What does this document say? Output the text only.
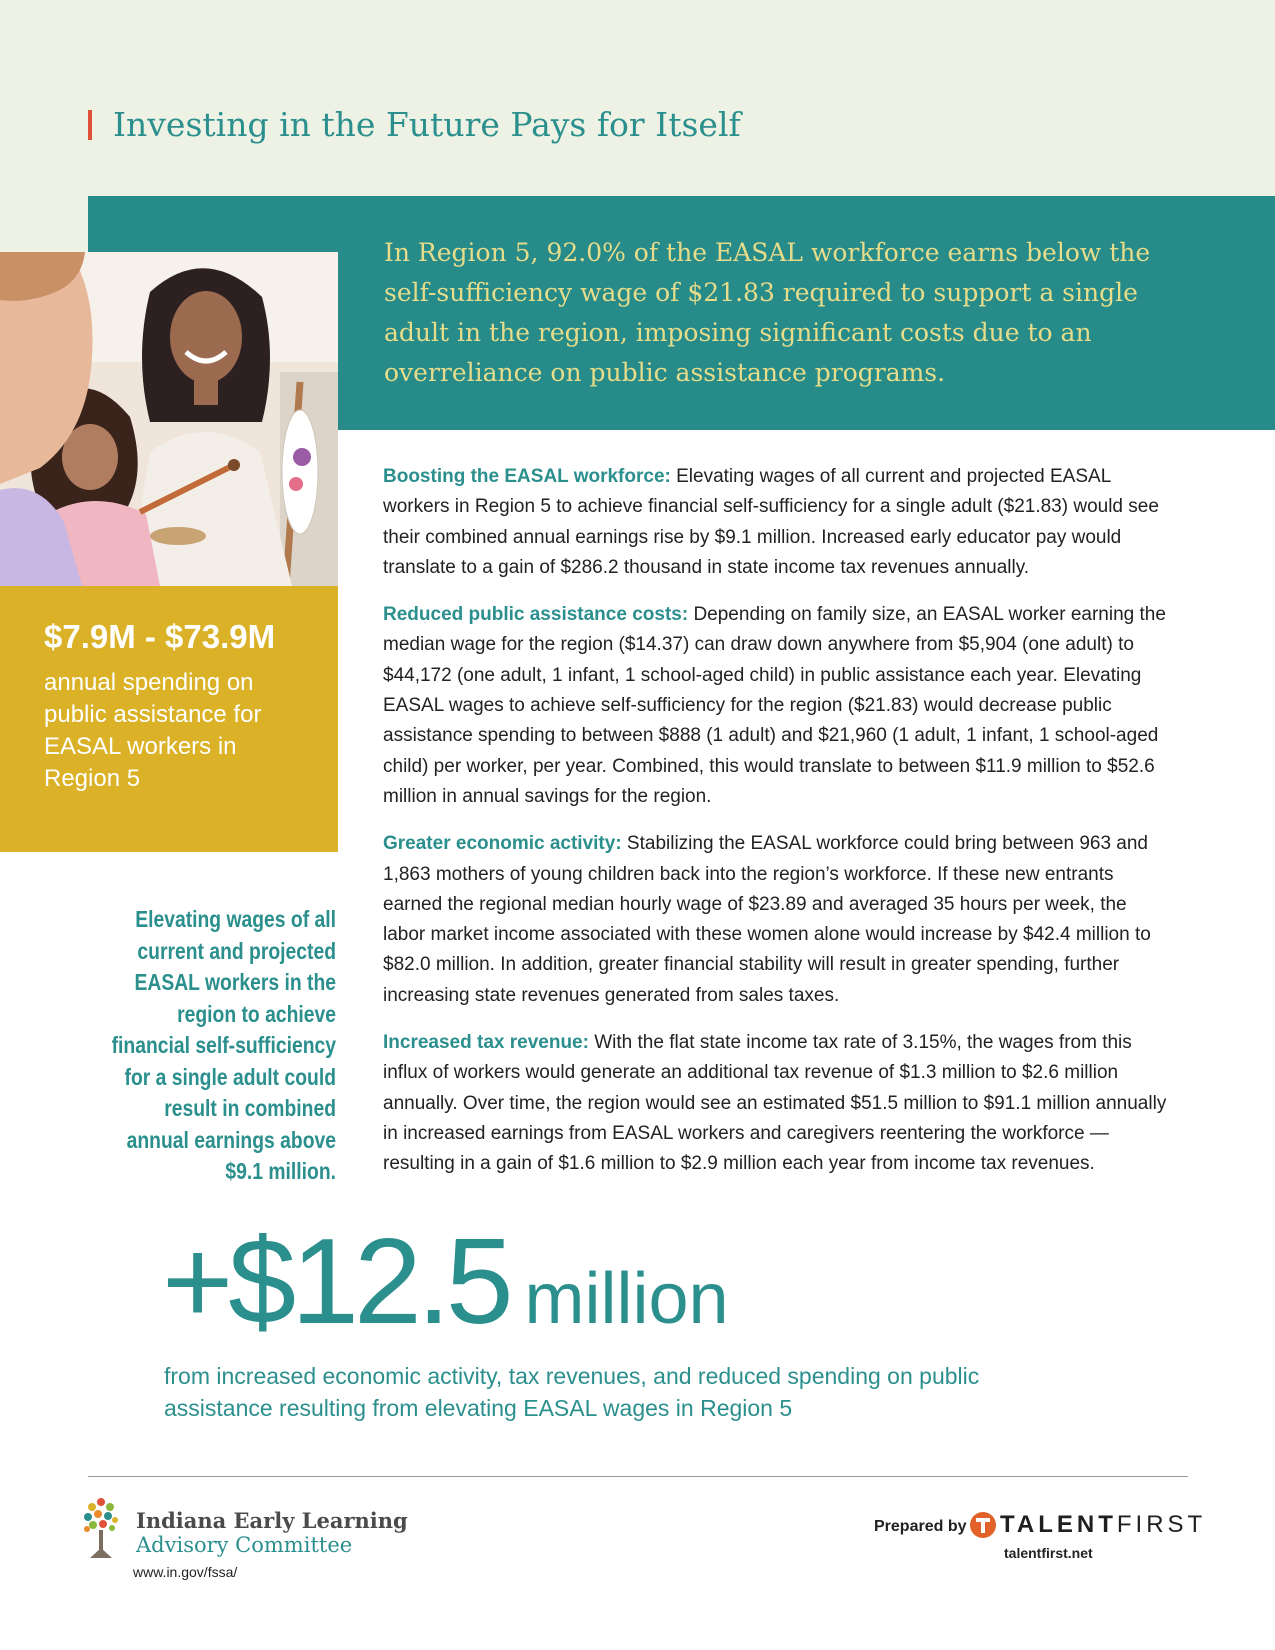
Investing in the Future Pays for Itself
In Region 5, 92.0% of the EASAL workforce earns below the self-sufficiency wage of $21.83 required to support a single adult in the region, imposing significant costs due to an overreliance on public assistance programs.
$7.9M - $73.9M
annual spending on public assistance for EASAL workers in Region 5
Elevating wages of all current and projected EASAL workers in the region to achieve financial self-sufficiency for a single adult could result in combined annual earnings above $9.1 million.

Boosting the EASAL workforce: Elevating wages of all current and projected EASAL workers in Region 5 to achieve financial self-sufficiency for a single adult ($21.83) would see their combined annual earnings rise by $9.1 million. Increased early educator pay would translate to a gain of $286.2 thousand in state income tax revenues annually.

Reduced public assistance costs: Depending on family size, an EASAL worker earning the median wage for the region ($14.37) can draw down anywhere from $5,904 (one adult) to $44,172 (one adult, 1 infant, 1 school-aged child) in public assistance each year. Elevating EASAL wages to achieve self-sufficiency for the region ($21.83) would decrease public assistance spending to between $888 (1 adult) and $21,960 (1 adult, 1 infant, 1 school-aged child) per worker, per year. Combined, this would translate to between $11.9 million to $52.6 million in annual savings for the region.

Greater economic activity: Stabilizing the EASAL workforce could bring between 963 and 1,863 mothers of young children back into the region’s workforce. If these new entrants earned the regional median hourly wage of $23.89 and averaged 35 hours per week, the labor market income associated with these women alone would increase by $42.4 million to $82.0 million. In addition, greater financial stability will result in greater spending, further increasing state revenues generated from sales taxes.

Increased tax revenue: With the flat state income tax rate of 3.15%, the wages from this influx of workers would generate an additional tax revenue of $1.3 million to $2.6 million annually. Over time, the region would see an estimated $51.5 million to $91.1 million annually in increased earnings from EASAL workers and caregivers reentering the workforce — resulting in a gain of $1.6 million to $2.9 million each year from income tax revenues.

+$12.5 million
from increased economic activity, tax revenues, and reduced spending on public assistance resulting from elevating EASAL wages in Region 5
Indiana Early Learning
Advisory Committee
www.in.gov/fssa/
Prepared by TALENTFIRST
talentfirst.net
